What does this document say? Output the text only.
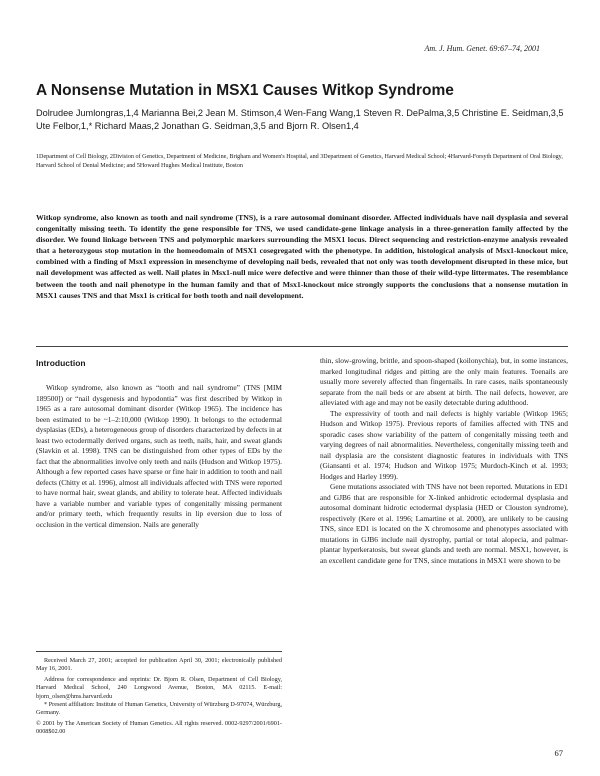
Am. J. Hum. Genet. 69:67–74, 2001
A Nonsense Mutation in MSX1 Causes Witkop Syndrome
Dolrudee Jumlongras,1,4 Marianna Bei,2 Jean M. Stimson,4 Wen-Fang Wang,1 Steven R. DePalma,3,5 Christine E. Seidman,3,5 Ute Felbor,1,* Richard Maas,2 Jonathan G. Seidman,3,5 and Bjorn R. Olsen1,4
1Department of Cell Biology, 2Division of Genetics, Department of Medicine, Brigham and Women's Hospital, and 3Department of Genetics, Harvard Medical School; 4Harvard-Forsyth Department of Oral Biology, Harvard School of Dental Medicine; and 5Howard Hughes Medical Institute, Boston

Witkop syndrome, also known as tooth and nail syndrome (TNS), is a rare autosomal dominant disorder. Affected individuals have nail dysplasia and several congenitally missing teeth. To identify the gene responsible for TNS, we used candidate-gene linkage analysis in a three-generation family affected by the disorder. We found linkage between TNS and polymorphic markers surrounding the MSX1 locus. Direct sequencing and restriction-enzyme analysis revealed that a heterozygous stop mutation in the homeodomain of MSX1 cosegregated with the phenotype. In addition, histological analysis of Msx1-knockout mice, combined with a finding of Msx1 expression in mesenchyme of developing nail beds, revealed that not only was tooth development disrupted in these mice, but nail development was affected as well. Nail plates in Msx1-null mice were defective and were thinner than those of their wild-type littermates. The resemblance between the tooth and nail phenotype in the human family and that of Msx1-knockout mice strongly supports the conclusions that a nonsense mutation in MSX1 causes TNS and that Msx1 is critical for both tooth and nail development.

Introduction

Witkop syndrome, also known as “tooth and nail syndrome” (TNS [MIM 189500]) or “nail dysgenesis and hypodontia” was first described by Witkop in 1965 as a rare autosomal dominant disorder (Witkop 1965). The incidence has been estimated to be ~1–2:10,000 (Witkop 1990). It belongs to the ectodermal dysplasias (EDs), a heterogeneous group of disorders characterized by defects in at least two ectodermally derived organs, such as teeth, nails, hair, and sweat glands (Slavkin et al. 1998). TNS can be distinguished from other types of EDs by the fact that the abnormalities involve only teeth and nails (Hudson and Witkop 1975). Although a few reported cases have sparse or fine hair in addition to tooth and nail defects (Chitty et al. 1996), almost all individuals affected with TNS were reported to have normal hair, sweat glands, and ability to tolerate heat. Affected individuals have a variable number and variable types of congenitally missing permanent and/or primary teeth, which frequently results in lip eversion due to loss of occlusion in the vertical dimension. Nails are generally

thin, slow-growing, brittle, and spoon-shaped (koilonychia), but, in some instances, marked longitudinal ridges and pitting are the only main features. Toenails are usually more severely affected than fingernails. In rare cases, nails spontaneously separate from the nail beds or are absent at birth. The nail defects, however, are alleviated with age and may not be easily detectable during adulthood.

The expressivity of tooth and nail defects is highly variable (Witkop 1965; Hudson and Witkop 1975). Previous reports of families affected with TNS and sporadic cases show variability of the pattern of congenitally missing teeth and varying degrees of nail abnormalities. Nevertheless, congenitally missing teeth and nail dysplasia are the consistent diagnostic features in individuals with TNS (Giansanti et al. 1974; Hudson and Witkop 1975; Murdoch-Kinch et al. 1993; Hodges and Harley 1999).

Gene mutations associated with TNS have not been reported. Mutations in ED1 and GJB6 that are responsible for X-linked anhidrotic ectodermal dysplasia and autosomal dominant hidrotic ectodermal dysplasia (HED or Clouston syndrome), respectively (Kere et al. 1996; Lamartine et al. 2000), are unlikely to be causing TNS, since ED1 is located on the X chromosome and phenotypes associated with mutations in GJB6 include nail dystrophy, partial or total alopecia, and palmar-plantar hyperkeratosis, but sweat glands and teeth are normal. MSX1, however, is an excellent candidate gene for TNS, since mutations in MSX1 were shown to be

Received March 27, 2001; accepted for publication April 30, 2001; electronically published May 16, 2001.

Address for correspondence and reprints: Dr. Bjorn R. Olsen, Department of Cell Biology, Harvard Medical School, 240 Longwood Avenue, Boston, MA 02115. E-mail: bjorn_olsen@hms.harvard.edu

* Present affiliation: Institute of Human Genetics, University of Würzburg D-97074, Würzburg, Germany.

© 2001 by The American Society of Human Genetics. All rights reserved. 0002-9297/2001/6901-0008$02.00

67
